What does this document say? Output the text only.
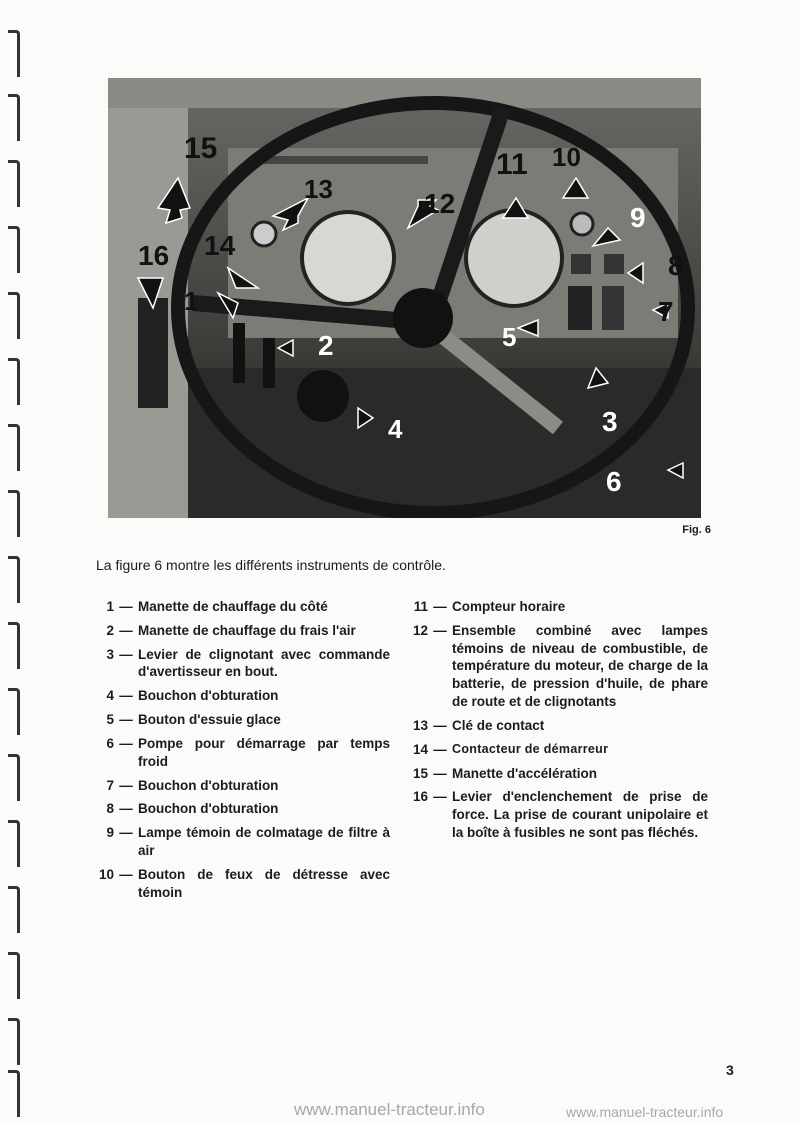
15
16 14
13	12
11 10
9
8
7
5
3
2
1
4
6
Fig. 6
La figure 6 montre les différents instruments de contrôle.
1 — Manette de chauffage du côté
2 — Manette de chauffage du frais l'air
3 — Levier de clignotant avec commande d'avertisseur en bout.
4 — Bouchon d'obturation
5 — Bouton d'essuie glace
6 — Pompe pour démarrage par temps froid
7 — Bouchon d'obturation
8 — Bouchon d'obturation
9 — Lampe témoin de colmatage de filtre à air
10 — Bouton de feux de détresse avec témoin
11 — Compteur horaire
12 — Ensemble combiné avec lampes témoins de niveau de combustible, de température du moteur, de charge de la batterie, de pression d'huile, de phare de route et de clignotants
13 — Clé de contact
14 — Contacteur de démarreur
15 — Manette d'accélération
16 — Levier d'enclenchement de prise de force. La prise de courant unipolaire et la boîte à fusibles ne sont pas fléchés.
3
www.manuel-tracteur.info	www.manuel-tracteur.info
